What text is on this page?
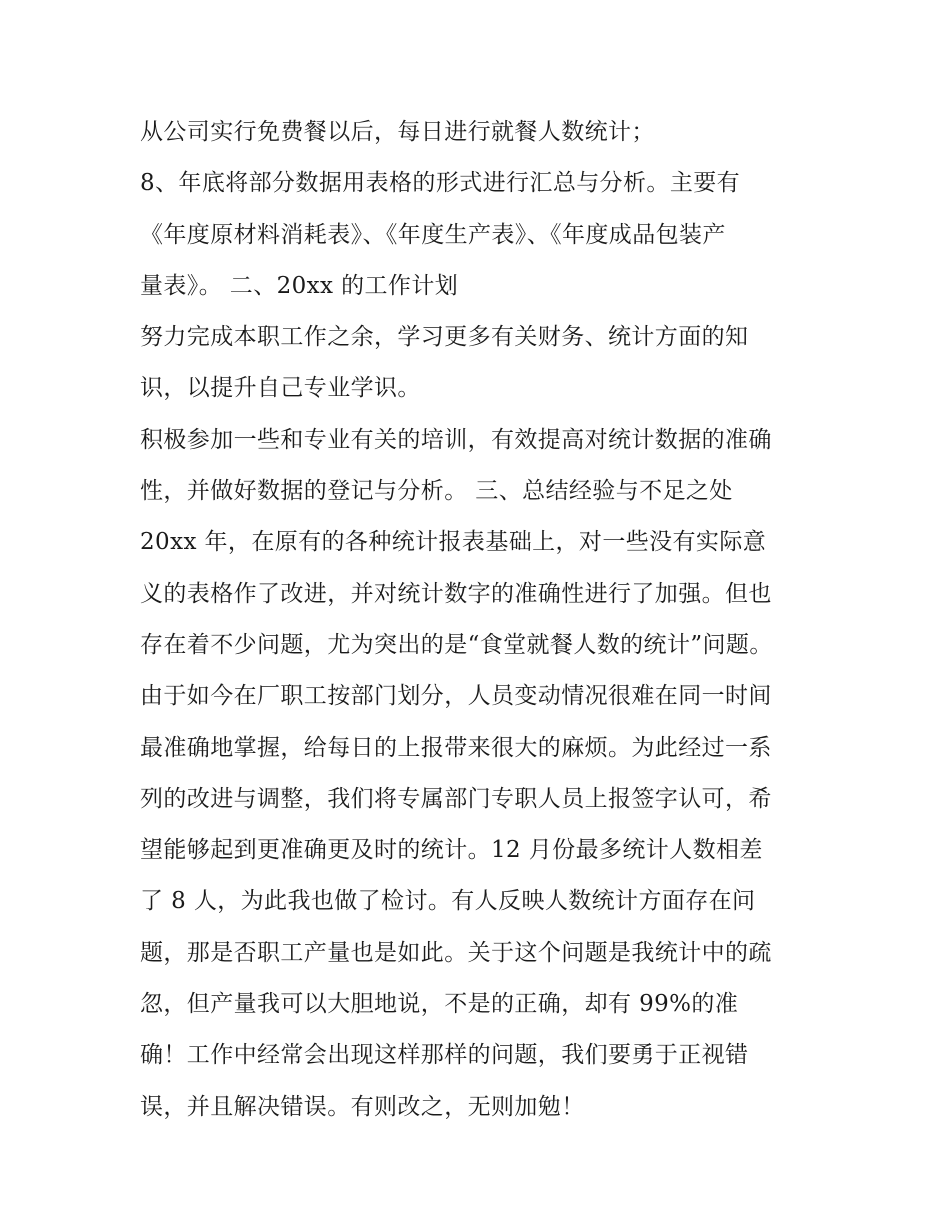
从公司实行免费餐以后，每日进行就餐人数统计；
8、年底将部分数据用表格的形式进行汇总与分析。主要有
《年度原材料消耗表》、《年度生产表》、《年度成品包装产
量表》。 二、20xx 的工作计划
努力完成本职工作之余，学习更多有关财务、统计方面的知
识，以提升自己专业学识。
积极参加一些和专业有关的培训，有效提高对统计数据的准确
性，并做好数据的登记与分析。 三、总结经验与不足之处
20xx 年，在原有的各种统计报表基础上，对一些没有实际意
义的表格作了改进，并对统计数字的准确性进行了加强。但也
存在着不少问题，尤为突出的是“食堂就餐人数的统计”问题。
由于如今在厂职工按部门划分，人员变动情况很难在同一时间
最准确地掌握，给每日的上报带来很大的麻烦。为此经过一系
列的改进与调整，我们将专属部门专职人员上报签字认可，希
望能够起到更准确更及时的统计。12 月份最多统计人数相差
了 8 人，为此我也做了检讨。有人反映人数统计方面存在问
题，那是否职工产量也是如此。关于这个问题是我统计中的疏
忽，但产量我可以大胆地说，不是的正确，却有 99%的准
确！工作中经常会出现这样那样的问题，我们要勇于正视错
误，并且解决错误。有则改之，无则加勉！
